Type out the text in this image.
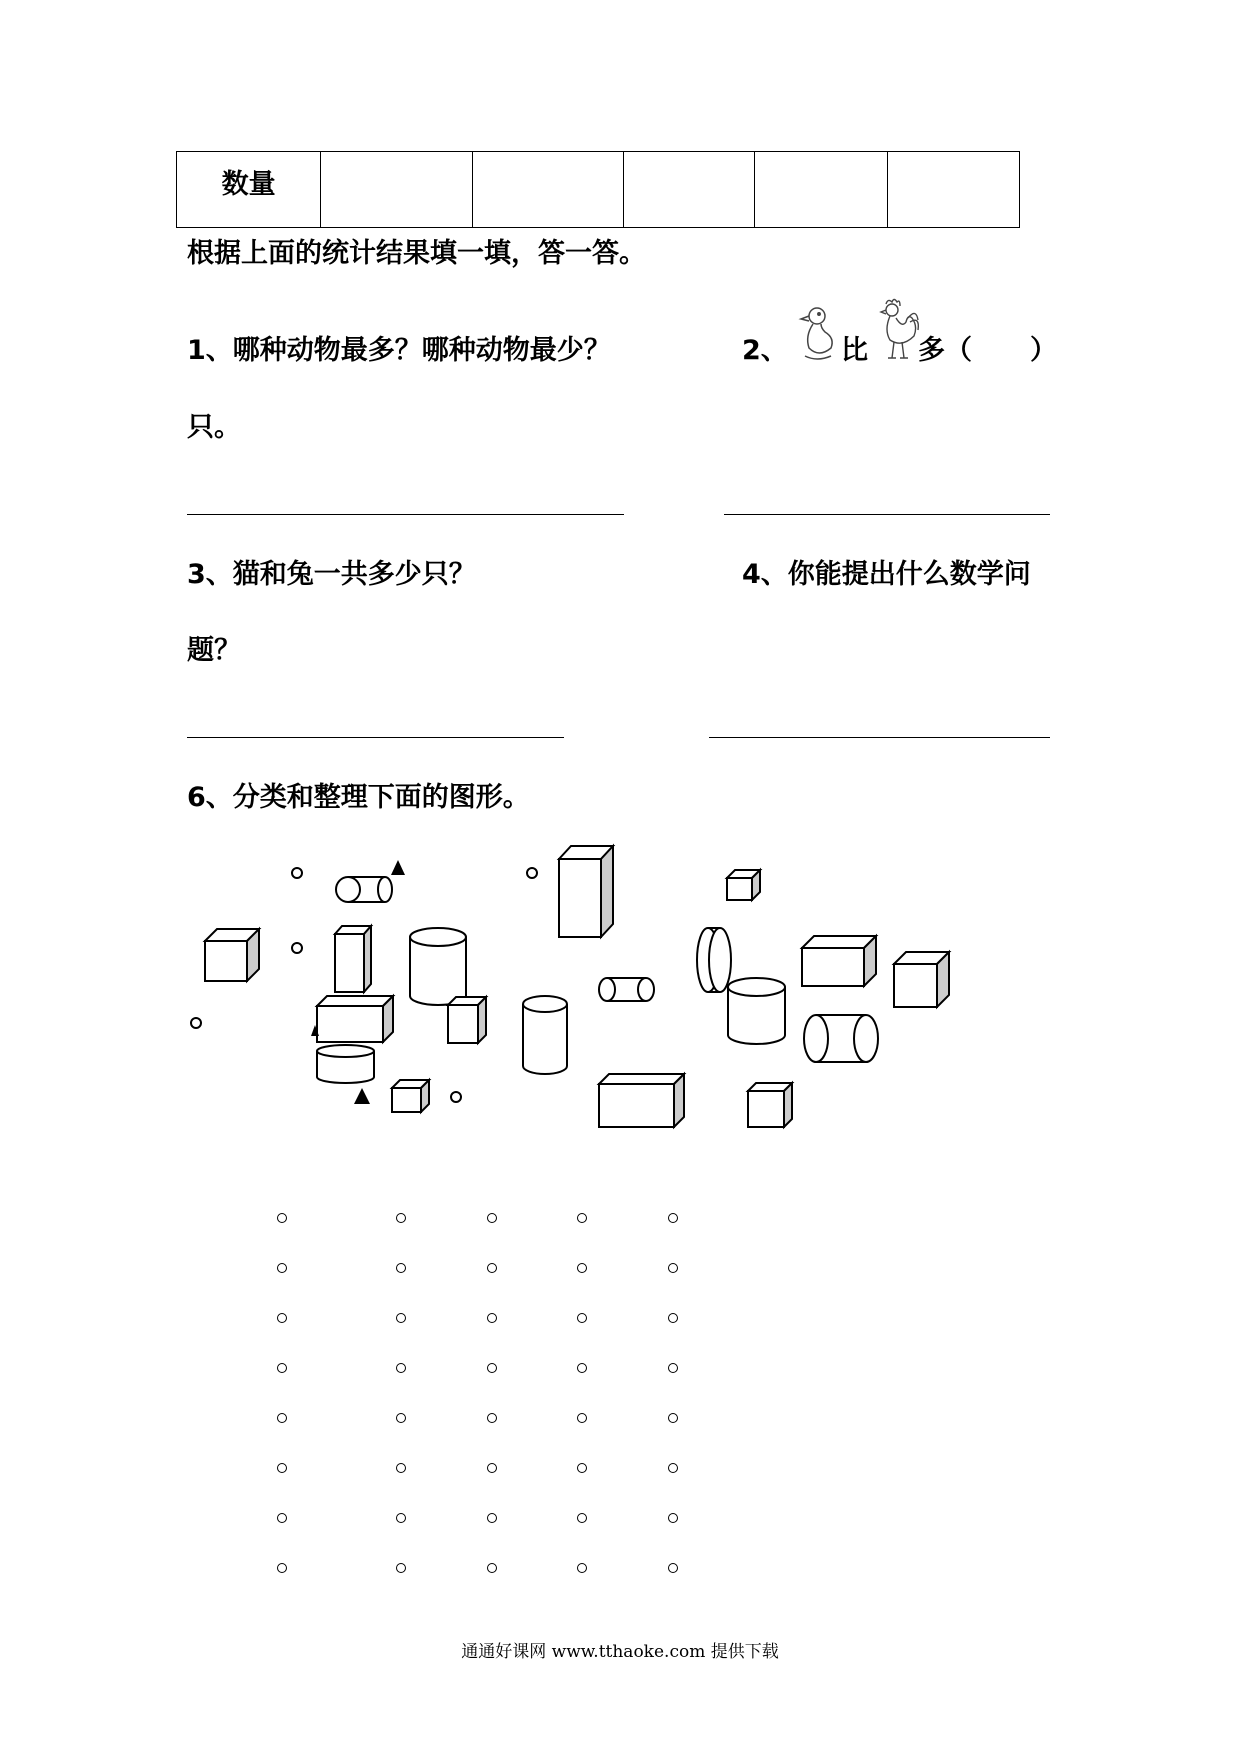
数量					
根据上面的统计结果填一填，答一答。
1、哪种动物最多？哪种动物最少？	2、 比 多（ ）
只。
3、猫和兔一共多少只？	4、你能提出什么数学问
题？
6、分类和整理下面的图形。
通通好课网 www.tthaoke.com 提供下载
